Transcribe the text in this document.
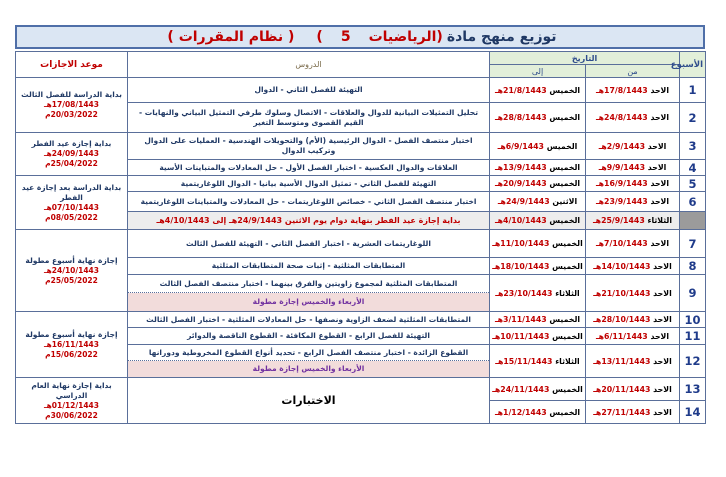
توزيع منهج مادة
(الرياضيات
5
)
( نظام المقررات )
الأسبوع	التاريخ		الدروس	موعد الاجازات
	من	إلى		
1	الاحد 17/8/1443هـ	الخميس 21/8/1443هـ	التهيئة للفصل الثاني - الدوال	بداية الدراسة للفصل الثالث
17/08/1443هـ
20/03/2022م

2	الاحد 24/8/1443هـ	الخميس 28/8/1443هـ	تحليل التمثيلات البيانية للدوال والعلاقات - الاتصال وسلوك طرفي التمثيل البياني والنهايات - القيم القصوى ومتوسط التغير	
3	الاحد 2/9/1443هـ	الخميس 6/9/1443هـ	اختبار منتصف الفصل - الدوال الرئيسية (الأم) والتحويلات الهندسية - العمليات على الدوال وتركيب الدوال	بداية إجازة عيد الفطر
24/09/1443هـ
25/04/2022م

4	الاحد 9/9/1443هـ	الخميس 13/9/1443هـ	العلاقات والدوال العكسية - اختبار الفصل الأول - حل المعادلات والمتباينات الأسية	
5	الاحد 16/9/1443هـ	الخميس 20/9/1443هـ	التهيئة للفصل الثاني - تمثيل الدوال الأسية بيانيا - الدوال اللوغاريتمية	بداية الدراسة بعد إجازة عيد الفطر
07/10/1443هـ
08/05/2022م

6	الاحد 23/9/1443هـ	الاثنين 24/9/1443هـ	اختبار منتصف الفصل الثاني - خصائص اللوغاريتمات - حل المعادلات والمتباينات اللوغاريتمية	
	الثلاثاء 25/9/1443هـ	الخميس 4/10/1443هـ	بداية إجازة عيد الفطر بنهاية دوام يوم الاثنين 24/9/1443هـ إلى 4/10/1443هـ	
7	الاحد 7/10/1443هـ	الخميس 11/10/1443هـ	اللوغاريتمات العشرية - اختبار الفصل الثاني - التهيئة للفصل الثالث	إجازة نهاية أسبوع مطولة
24/10/1443هـ
25/05/2022م

8	الاحد 14/10/1443هـ	الخميس 18/10/1443هـ	المتطابقات المثلثية - إثبات صحة المتطابقات المثلثية	
9	الاحد 21/10/1443هـ	الثلاثاء 23/10/1443هـ	المتطابقات المثلثية لمجموع زاويتين والفرق بينهما - اختبار منتصف الفصل الثالث
الأربعاء والخميس إجازة مطولة	

10	الاحد 28/10/1443هـ	الخميس 3/11/1443هـ	المتطابقات المثلثية لضعف الزاوية ونصفها - حل المعادلات المثلثية - اختبار الفصل الثالث	إجازة نهاية أسبوع مطولة
16/11/1443هـ
15/06/2022م

11	الاحد 6/11/1443هـ	الخميس 10/11/1443هـ	التهيئة للفصل الرابع - القطوع المكافئة - القطوع الناقصة والدوائر	
12	الاحد 13/11/1443هـ	الثلاثاء 15/11/1443هـ	القطوع الزائدة - اختبار منتصف الفصل الرابع - تحديد أنواع القطوع المخروطية ودورانها
الأربعاء والخميس إجازة مطولة	

13	الاحد 20/11/1443هـ	الخميس 24/11/1443هـ	الاختبارات	بداية إجازة نهاية العام الدراسي
01/12/1443هـ
30/06/2022م

14	الاحد 27/11/1443هـ	الخميس 1/12/1443هـ		
